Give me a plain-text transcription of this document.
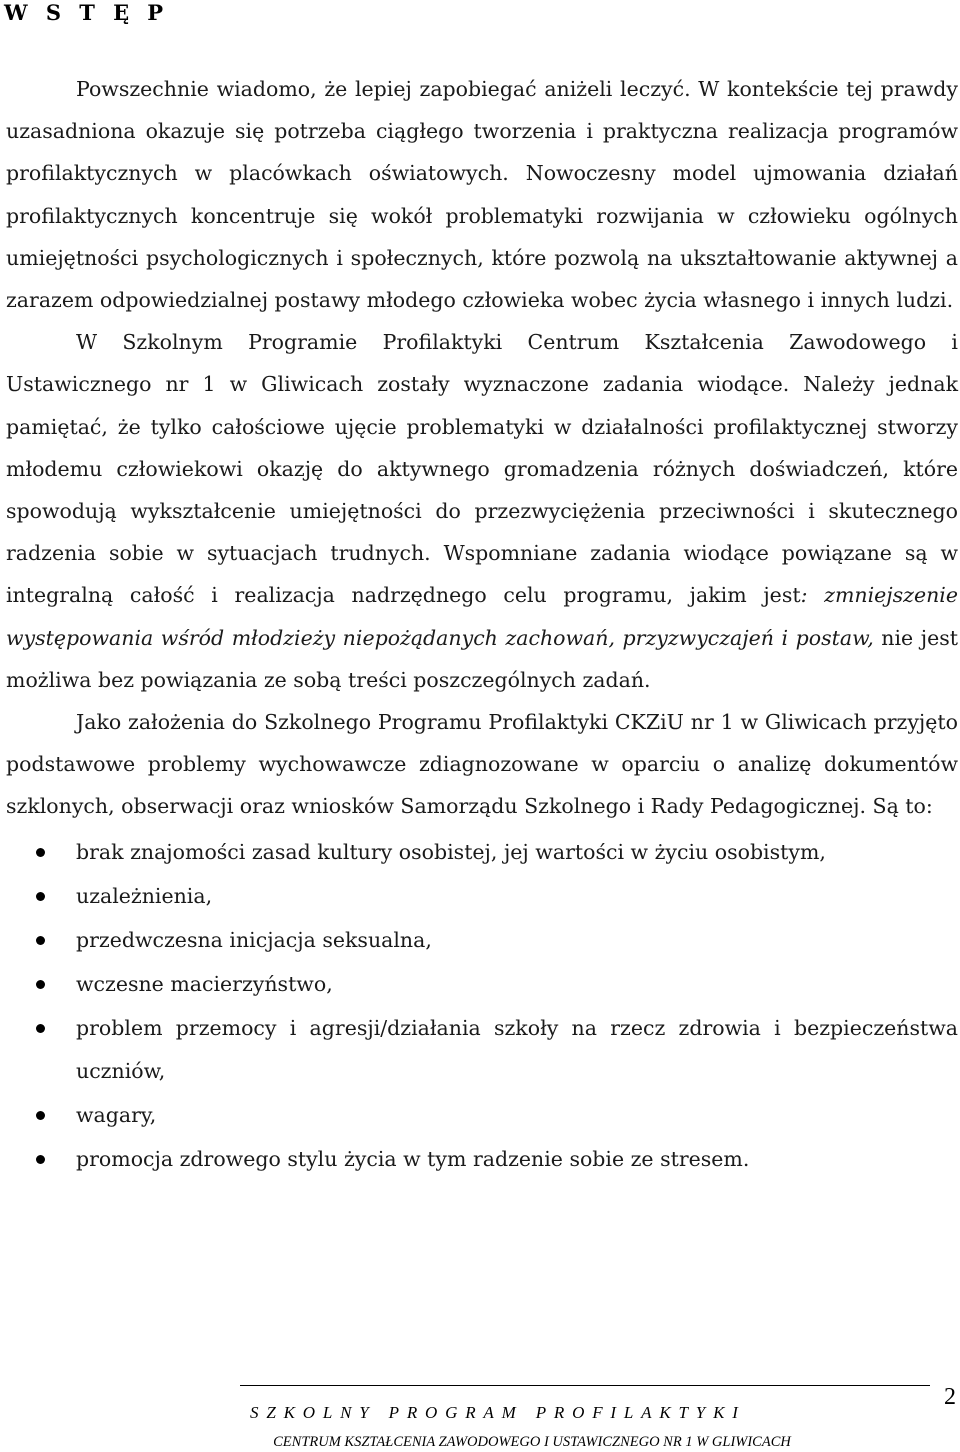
W S T Ę P

Powszechnie wiadomo, że lepiej zapobiegać aniżeli leczyć. W kontekście tej prawdy uzasadniona okazuje się potrzeba ciągłego tworzenia i praktyczna realizacja programów profilaktycznych w placówkach oświatowych. Nowoczesny model ujmowania działań profilaktycznych koncentruje się wokół problematyki rozwijania w człowieku ogólnych umiejętności psychologicznych i społecznych, które pozwolą na ukształtowanie aktywnej a zarazem odpowiedzialnej postawy młodego człowieka wobec życia własnego i innych ludzi.

W Szkolnym Programie Profilaktyki Centrum Kształcenia Zawodowego i Ustawicznego nr 1 w Gliwicach zostały wyznaczone zadania wiodące. Należy jednak pamiętać, że tylko całościowe ujęcie problematyki w działalności profilaktycznej stworzy młodemu człowiekowi okazję do aktywnego gromadzenia różnych doświadczeń, które spowodują wykształcenie umiejętności do przezwyciężenia przeciwności i skutecznego radzenia sobie w sytuacjach trudnych. Wspomniane zadania wiodące powiązane są w integralną całość i realizacja nadrzędnego celu programu, jakim jest: zmniejszenie występowania wśród młodzieży niepożądanych zachowań, przyzwyczajeń i postaw, nie jest możliwa bez powiązania ze sobą treści poszczególnych zadań.

Jako założenia do Szkolnego Programu Profilaktyki CKZiU nr 1 w Gliwicach przyjęto podstawowe problemy wychowawcze zdiagnozowane w oparciu o analizę dokumentów szklonych, obserwacji oraz wniosków Samorządu Szkolnego i Rady Pedagogicznej. Są to:

brak znajomości zasad kultury osobistej, jej wartości w życiu osobistym,
uzależnienia,
przedwczesna inicjacja seksualna,
wczesne macierzyństwo,
problem przemocy i agresji/działania szkoły na rzecz zdrowia i bezpieczeństwa uczniów,
wagary,
promocja zdrowego stylu życia w tym radzenie sobie ze stresem.
SZKOLNY PROGRAM PROFILAKTYKI
CENTRUM KSZTAŁCENIA ZAWODOWEGO I USTAWICZNEGO NR 1 W GLIWICACH
2
